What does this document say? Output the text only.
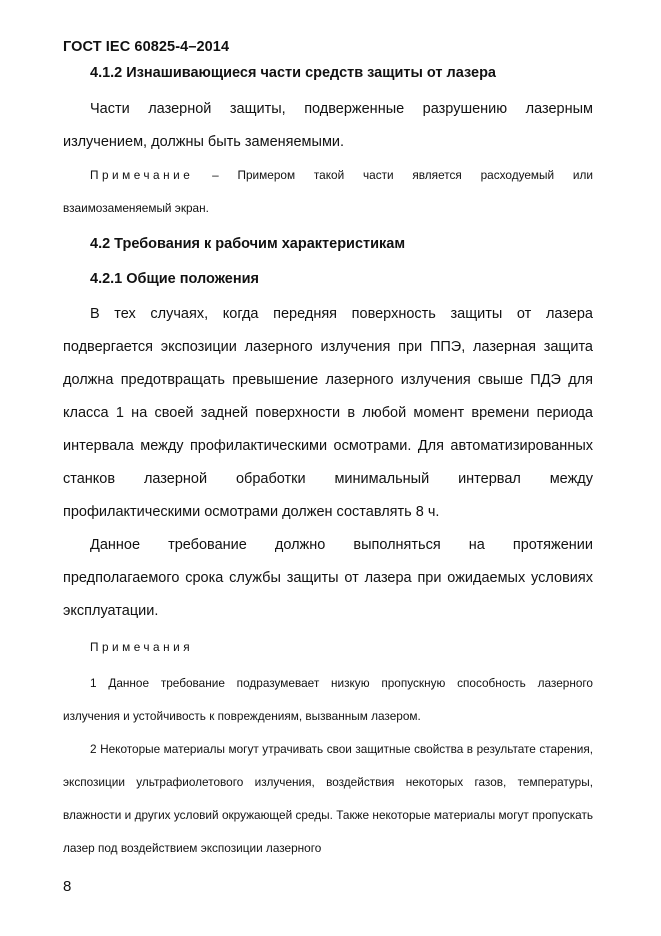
ГОСТ IEC 60825-4–2014

4.1.2 Изнашивающиеся части средств защиты от лазера

Части лазерной защиты, подверженные разрушению лазерным излучением, должны быть заменяемыми.

Примечание – Примером такой части является расходуемый или взаимозаменяемый экран.

4.2 Требования к рабочим характеристикам

4.2.1 Общие положения

В тех случаях, когда передняя поверхность защиты от лазера подвергается экспозиции лазерного излучения при ППЭ, лазерная защита должна предотвращать превышение лазерного излучения свыше ПДЭ для класса 1 на своей задней поверхности в любой момент времени периода интервала между профилактическими осмотрами. Для автоматизированных станков лазерной обработки минимальный интервал между профилактическими осмотрами должен составлять 8 ч.

Данное требование должно выполняться на протяжении предполагаемого срока службы защиты от лазера при ожидаемых условиях эксплуатации.

Примечания

1 Данное требование подразумевает низкую пропускную способность лазерного излучения и устойчивость к повреждениям, вызванным лазером.

2 Некоторые материалы могут утрачивать свои защитные свойства в результате старения, экспозиции ультрафиолетового излучения, воздействия некоторых газов, температуры, влажности и других условий окружающей среды. Также некоторые материалы могут пропускать лазер под воздействием экспозиции лазерного

8
